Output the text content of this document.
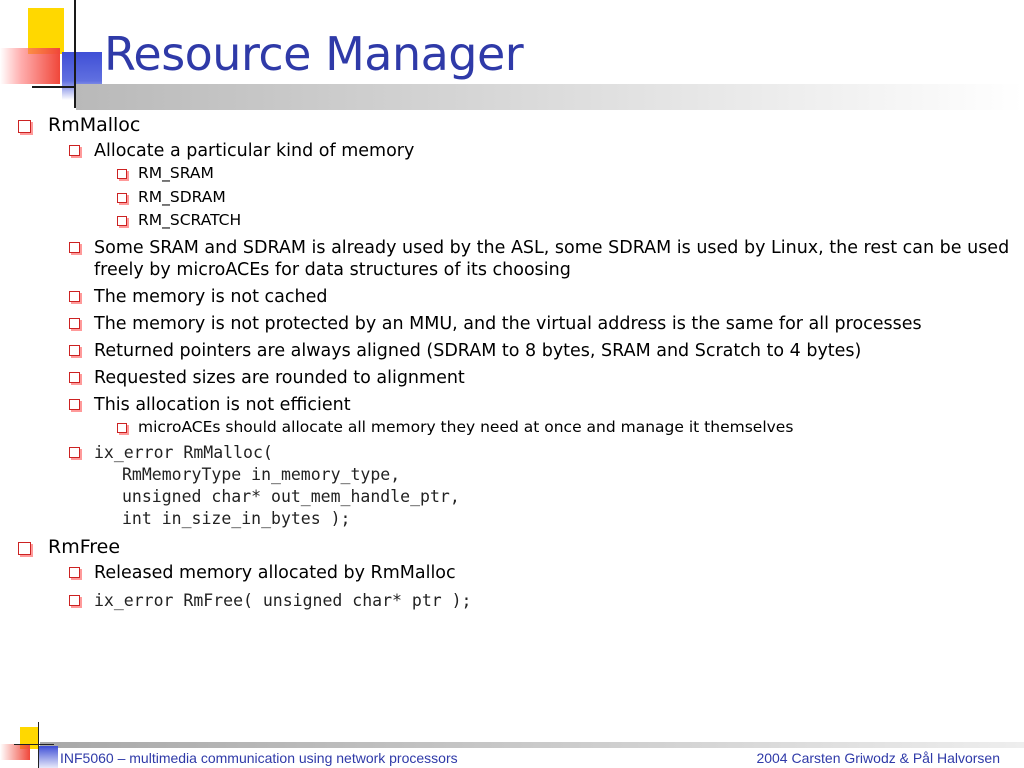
Resource Manager
RmMalloc
Allocate a particular kind of memory
RM_SRAM
RM_SDRAM
RM_SCRATCH
Some SRAM and SDRAM is already used by the ASL, some SDRAM is used by Linux, the rest can be used freely by microACEs for data structures of its choosing
The memory is not cached
The memory is not protected by an MMU, and the virtual address is the same for all processes
Returned pointers are always aligned (SDRAM to 8 bytes, SRAM and Scratch to 4 bytes)
Requested sizes are rounded to alignment
This allocation is not efficient
microACEs should allocate all memory they need at once and manage it themselves
ix_error RmMalloc(
RmMemoryType in_memory_type,
unsigned char* out_mem_handle_ptr,
int in_size_in_bytes );
RmFree
Released memory allocated by RmMalloc
ix_error RmFree( unsigned char* ptr );
INF5060 – multimedia communication using network processors	2004 Carsten Griwodz & Pål Halvorsen
